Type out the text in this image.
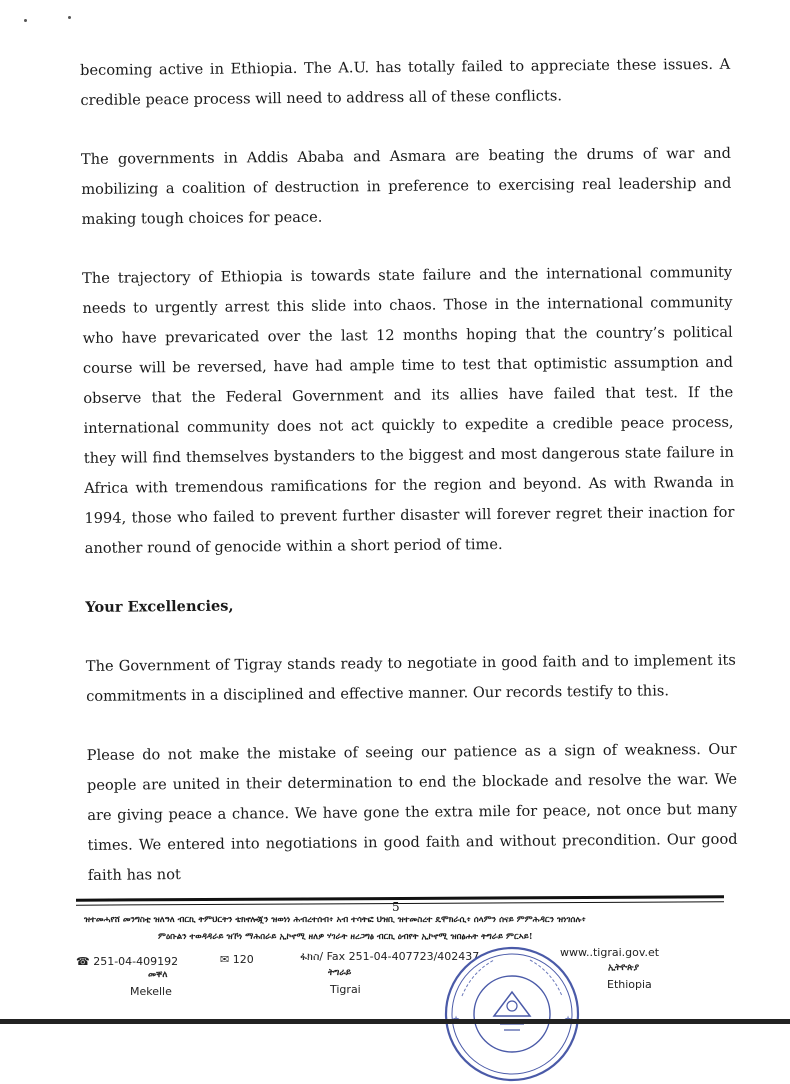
becoming active in Ethiopia. The A.U. has totally failed to appreciate these issues. A credible peace process will need to address all of these conflicts.

The governments in Addis Ababa and Asmara are beating the drums of war and mobilizing a coalition of destruction in preference to exercising real leadership and making tough choices for peace.

The trajectory of Ethiopia is towards state failure and the international community needs to urgently arrest this slide into chaos. Those in the international community who have prevaricated over the last 12 months hoping that the country’s political course will be reversed, have had ample time to test that optimistic assumption and observe that the Federal Government and its allies have failed that test. If the international community does not act quickly to expedite a credible peace process, they will find themselves bystanders to the biggest and most dangerous state failure in Africa with tremendous ramifications for the region and beyond. As with Rwanda in 1994, those who failed to prevent further disaster will forever regret their inaction for another round of genocide within a short period of time.

Your Excellencies,

The Government of Tigray stands ready to negotiate in good faith and to implement its commitments in a disciplined and effective manner. Our records testify to this.

Please do not make the mistake of seeing our patience as a sign of weakness. Our people are united in their determination to end the blockade and resolve the war. We are giving peace a chance. We have gone the extra mile for peace, not once but many times. We entered into negotiations in good faith and without precondition. Our good faith has not

5
ዝተመሓየሸ መንግስቲ ዝለዓለ ብርኪ ትምህርትን ቴክኖሎጂን ዝወነነ ሕብረተሰብ፥ አብ ተሳትፎ ህዝቢ ዝተመስረተ ዴሞክራሲ፥ ሰላምን ሰናይ ምምሕዳርን ዝነገሰሉ፥
ምዕቡልን ተወዳዳራይ ዝኾነ ማሕበራይ ኢኮኖሚ ዘለዎ ሃገራት ዘረጋግፅ ብርኪ ዕብየት ኢኮኖሚ ዝበፅሐት ትግራይ ምርኣይ!
☎ 251-04-409192	✉ 120	ፋክስ/ Fax 251-04-407723/402437	www..tigrai.gov.et
መቐለ
Mekelle
ትግራይ
Tigrai
ኢትዮጵያ
Ethiopia
